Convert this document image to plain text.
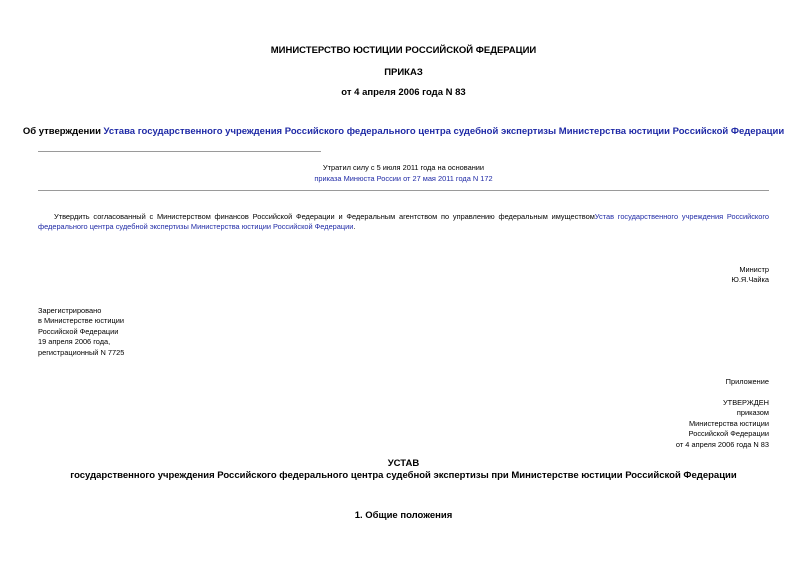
МИНИСТЕРСТВО ЮСТИЦИИ РОССИЙСКОЙ ФЕДЕРАЦИИ
ПРИКАЗ
от 4 апреля 2006 года N 83
Об утверждении Устава государственного учреждения Российского федерального центра судебной экспертизы Министерства юстиции Российской Федерации
Утратил силу с 5 июля 2011 года на основании
приказа Минюста России от 27 мая 2011 года N 172
Утвердить согласованный с Министерством финансов Российской Федерации и Федеральным агентством по управлению федеральным имуществомУстав государственного учреждения Российского федерального центра судебной экспертизы Министерства юстиции Российской Федерации.
Министр
Ю.Я.Чайка
Зарегистрировано
в Министерстве юстиции
Российской Федерации
19 апреля 2006 года,
регистрационный N 7725
Приложение
УТВЕРЖДЕН
приказом
Министерства юстиции
Российской Федерации
от 4 апреля 2006 года N 83
УСТАВ
государственного учреждения Российского федерального центра судебной экспертизы при Министерстве юстиции Российской Федерации
1. Общие положения
